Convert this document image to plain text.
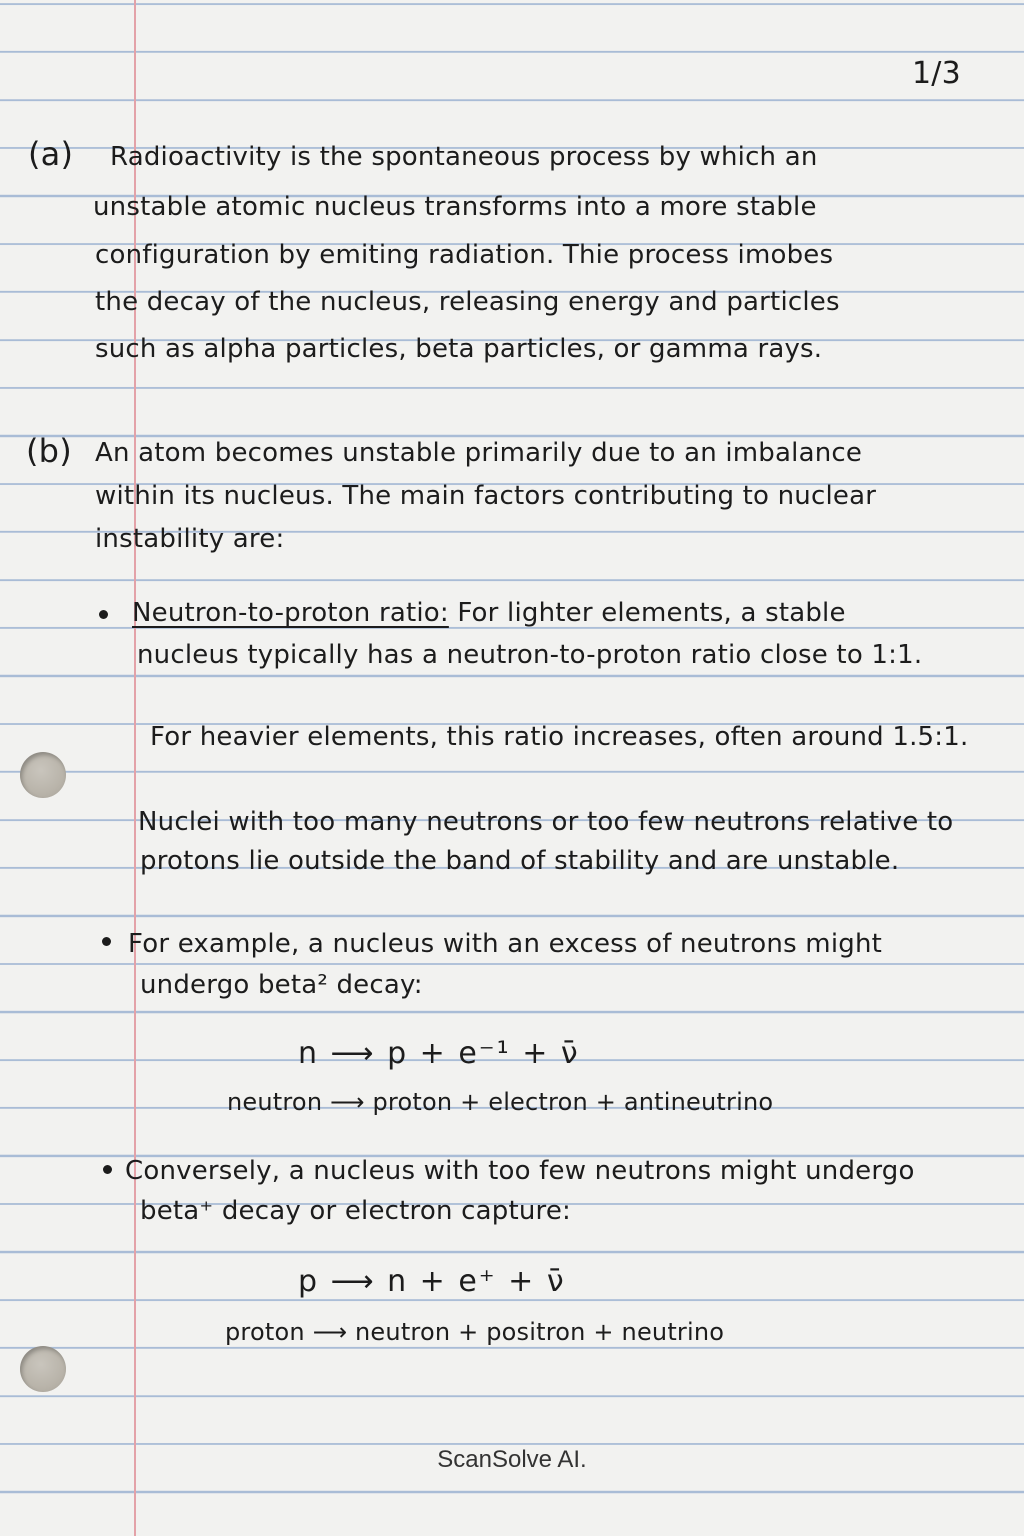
1/3

(a) Radioactivity is the spontaneous process by which an

unstable atomic nucleus transforms into a more stable

configuration by emiting radiation. Thie process imobes

the decay of the nucleus, releasing energy and particles

such as alpha particles, beta particles, or gamma rays.

(b) An atom becomes unstable primarily due to an imbalance

within its nucleus. The main factors contributing to nuclear

instability are:

Neutron-to-proton ratio: For lighter elements, a stable

nucleus typically has a neutron-to-proton ratio close to 1:1.

For heavier elements, this ratio increases, often around 1.5:1.

Nuclei with too many neutrons or too few neutrons relative to

protons lie outside the band of stability and are unstable.

For example, a nucleus with an excess of neutrons might

undergo beta² decay:

n ⟶ p + e⁻¹ + ν̄

neutron ⟶ proton + electron + antineutrino

Conversely, a nucleus with too few neutrons might undergo

beta⁺ decay or electron capture:

p ⟶ n + e⁺ + ν̄

proton ⟶ neutron + positron + neutrino

ScanSolve AI.
